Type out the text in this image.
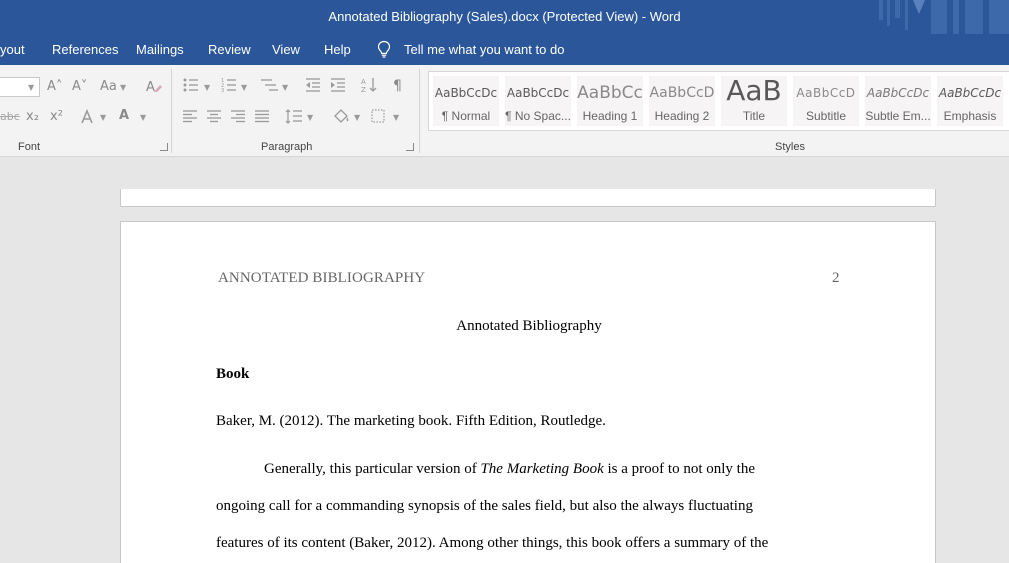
Annotated Bibliography (Sales).docx (Protected View) - Word
yout References Mailings Review View Help	Tell me what you want to do
▼ A˄ A˅ Aa ▼ A
abc x₂ x²	▼ A ▼
Font
▼
1
2
3 ▼	▼
A
Z ¶
▼	▼	▼
Paragraph
AaBbCcDc
¶ Normal
AaBbCcDc
¶ No Spac...
AaBbCc
Heading 1
AaBbCcD
Heading 2
AaB
Title
AaBbCcD
Subtitle
AaBbCcDc
Subtle Em...
AaBbCcDc
Emphasis
Styles
ANNOTATED BIBLIOGRAPHY	2
Annotated Bibliography
Book
Baker, M. (2012). The marketing book. Fifth Edition, Routledge.
Generally, this particular version of The Marketing Book is a proof to not only the
ongoing call for a commanding synopsis of the sales field, but also the always fluctuating
features of its content (Baker, 2012). Among other things, this book offers a summary of the
